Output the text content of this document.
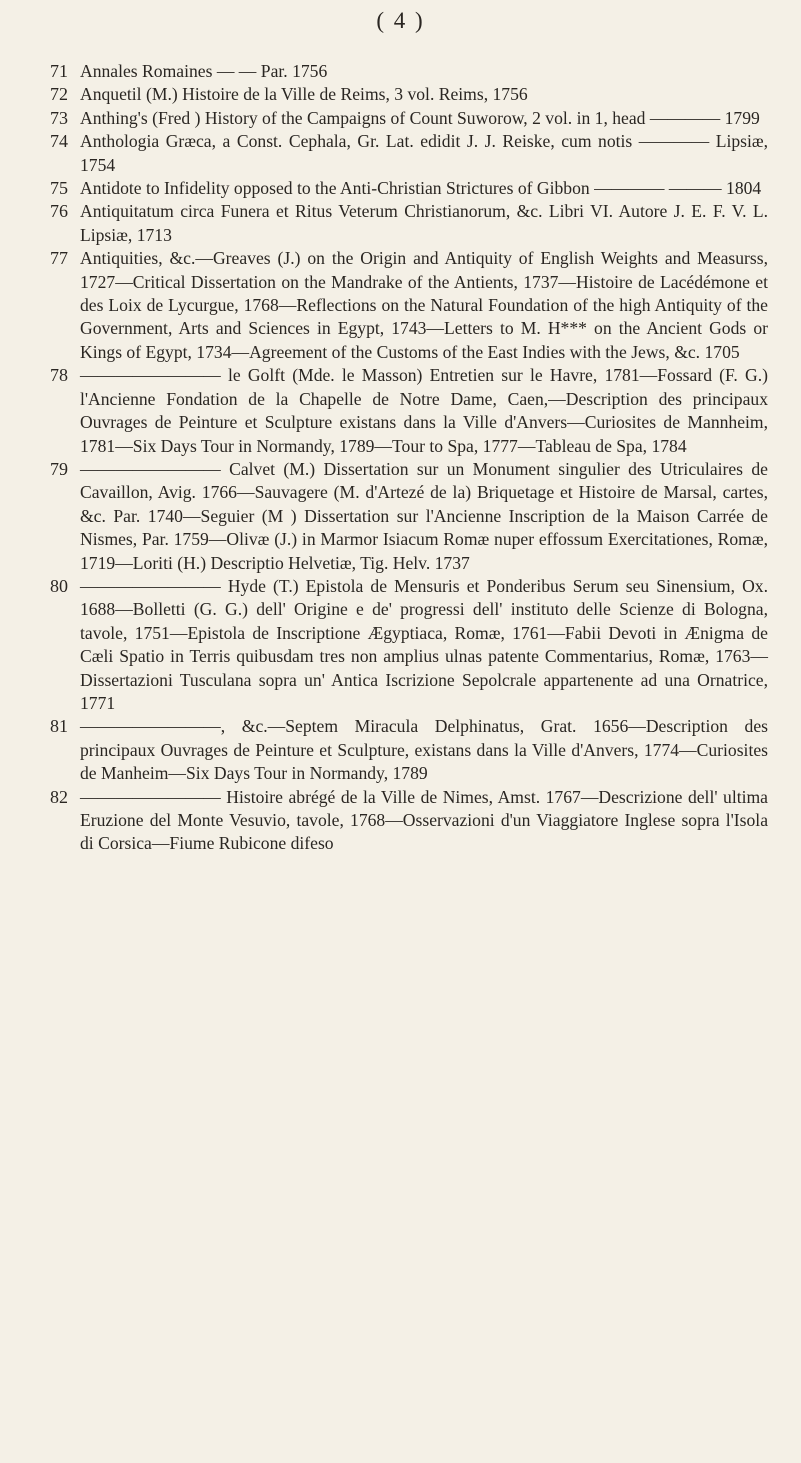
( 4 )
71 Annales Romaines — — Par. 1756
72 Anquetil (M.) Histoire de la Ville de Reims, 3 vol. Reims, 1756
73 Anthing's (Fred ) History of the Campaigns of Count Suworow, 2 vol. in 1, head ———— 1799
74 Anthologia Græca, a Const. Cephala, Gr. Lat. edidit J. J. Reiske, cum notis ———— Lipsiæ, 1754
75 Antidote to Infidelity opposed to the Anti-Christian Strictures of Gibbon ———— ——— 1804
76 Antiquitatum circa Funera et Ritus Veterum Christianorum, &c. Libri VI. Autore J. E. F. V. L. Lipsiæ, 1713
77 Antiquities, &c.—Greaves (J.) on the Origin and Antiquity of English Weights and Measurss, 1727—Critical Dissertation on the Mandrake of the Antients, 1737—Histoire de Lacédémone et des Loix de Lycurgue, 1768—Reflections on the Natural Foundation of the high Antiquity of the Government, Arts and Sciences in Egypt, 1743—Letters to M. H*** on the Ancient Gods or Kings of Egypt, 1734—Agreement of the Customs of the East Indies with the Jews, &c. 1705
78 ———————— le Golft (Mde. le Masson) Entretien sur le Havre, 1781—Fossard (F. G.) l'Ancienne Fondation de la Chapelle de Notre Dame, Caen,—Description des principaux Ouvrages de Peinture et Sculpture existans dans la Ville d'Anvers—Curiosites de Mannheim, 1781—Six Days Tour in Normandy, 1789—Tour to Spa, 1777—Tableau de Spa, 1784
79 ———————— Calvet (M.) Dissertation sur un Monument singulier des Utriculaires de Cavaillon, Avig. 1766—Sauvagere (M. d'Artezé de la) Briquetage et Histoire de Marsal, cartes, &c. Par. 1740—Seguier (M ) Dissertation sur l'Ancienne Inscription de la Maison Carrée de Nismes, Par. 1759—Olivæ (J.) in Marmor Isiacum Romæ nuper effossum Exercitationes, Romæ, 1719—Loriti (H.) Descriptio Helvetiæ, Tig. Helv. 1737
80 ———————— Hyde (T.) Epistola de Mensuris et Ponderibus Serum seu Sinensium, Ox. 1688—Bolletti (G. G.) dell' Origine e de' progressi dell' instituto delle Scienze di Bologna, tavole, 1751—Epistola de Inscriptione Ægyptiaca, Romæ, 1761—Fabii Devoti in Ænigma de Cæli Spatio in Terris quibusdam tres non amplius ulnas patente Commentarius, Romæ, 1763—Dissertazioni Tusculana sopra un' Antica Iscrizione Sepolcrale appartenente ad una Ornatrice, 1771
81 ————————, &c.—Septem Miracula Delphinatus, Grat. 1656—Description des principaux Ouvrages de Peinture et Sculpture, existans dans la Ville d'Anvers, 1774—Curiosites de Manheim—Six Days Tour in Normandy, 1789
82 ———————— Histoire abrégé de la Ville de Nimes, Amst. 1767—Descrizione dell' ultima Eruzione del Monte Vesuvio, tavole, 1768—Osservazioni d'un Viaggiatore Inglese sopra l'Isola di Corsica—Fiume Rubicone difeso
